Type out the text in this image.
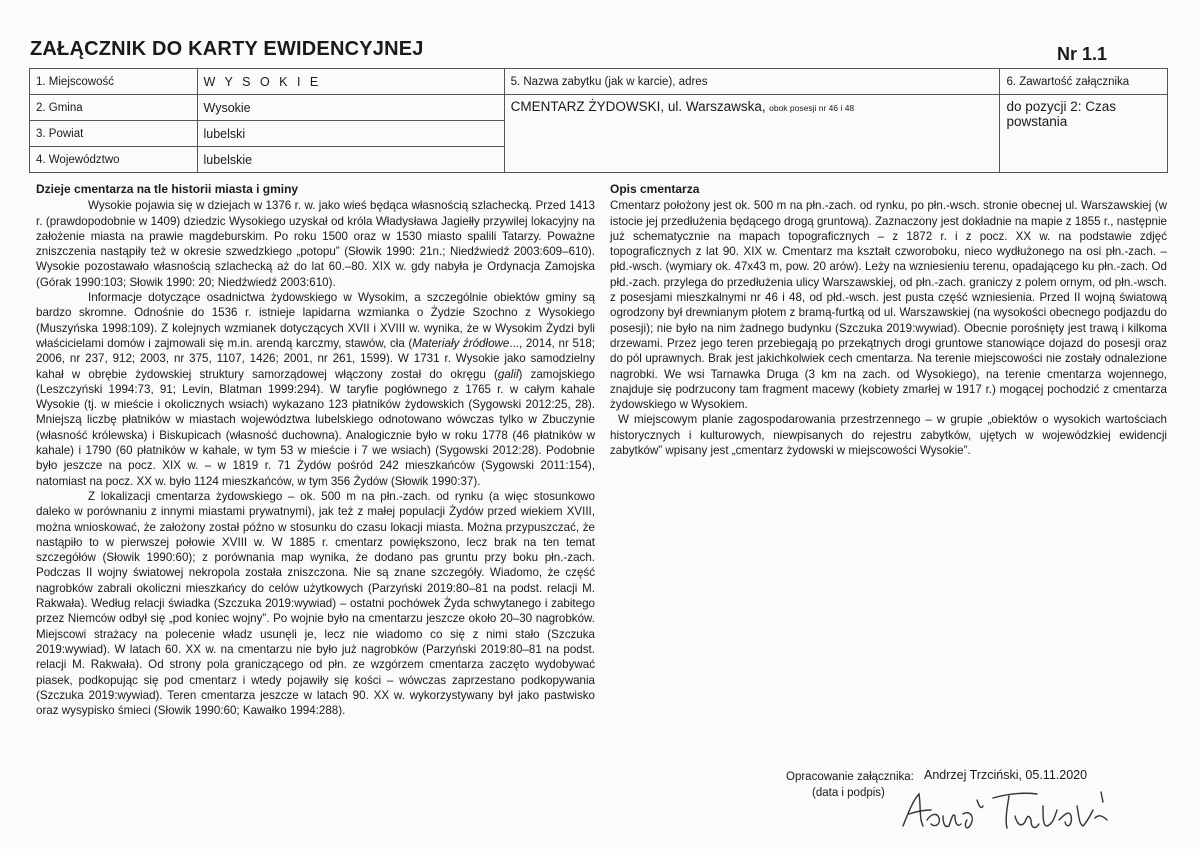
ZAŁĄCZNIK DO KARTY EWIDENCYJNEJ	Nr 1.1
1. Miejscowość	W Y S O K I E	5. Nazwa zabytku (jak w karcie), adres	6. Zawartość załącznika
2. Gmina	Wysokie	CMENTARZ ŻYDOWSKI, ul. Warszawska, obok posesji nr 46 i 48	do pozycji 2: Czas powstania
3. Powiat	lubelski		
4. Województwo	lubelskie		
Dzieje cmentarza na tle historii miasta i gminy

Wysokie pojawia się w dziejach w 1376 r. w. jako wieś będąca własnością szlachecką. Przed 1413 r. (prawdopodobnie w 1409) dziedzic Wysokiego uzyskał od króla Władysława Jagiełły przywilej lokacyjny na założenie miasta na prawie magdeburskim. Po roku 1500 oraz w 1530 miasto spalili Tatarzy. Poważne zniszczenia nastąpiły też w okresie szwedzkiego „potopu” (Słowik 1990: 21n.; Niedźwiedź 2003:609–610). Wysokie pozostawało własnością szlachecką aż do lat 60.–80. XIX w. gdy nabyła je Ordynacja Zamojska (Górak 1990:103; Słowik 1990: 20; Niedźwiedź 2003:610).

Informacje dotyczące osadnictwa żydowskiego w Wysokim, a szczególnie obiektów gminy są bardzo skromne. Odnośnie do 1536 r. istnieje lapidarna wzmianka o Żydzie Szochno z Wysokiego (Muszyńska 1998:109). Z kolejnych wzmianek dotyczących XVII i XVIII w. wynika, że w Wysokim Żydzi byli właścicielami domów i zajmowali się m.in. arendą karczmy, stawów, cła (Materiały źródłowe..., 2014, nr 518; 2006, nr 237, 912; 2003, nr 375, 1107, 1426; 2001, nr 261, 1599). W 1731 r. Wysokie jako samodzielny kahał w obrębie żydowskiej struktury samorządowej włączony został do okręgu (galil) zamojskiego (Leszczyński 1994:73, 91; Levin, Blatman 1999:294). W taryfie pogłównego z 1765 r. w całym kahale Wysokie (tj. w mieście i okolicznych wsiach) wykazano 123 płatników żydowskich (Sygowski 2012:25, 28). Mniejszą liczbę płatników w miastach województwa lubelskiego odnotowano wówczas tylko w Zbuczynie (własność królewska) i Biskupicach (własność duchowna). Analogicznie było w roku 1778 (46 płatników w kahale) i 1790 (60 płatników w kahale, w tym 53 w mieście i 7 we wsiach) (Sygowski 2012:28). Podobnie było jeszcze na pocz. XIX w. – w 1819 r. 71 Żydów pośród 242 mieszkańców (Sygowski 2011:154), natomiast na pocz. XX w. było 1124 mieszkańców, w tym 356 Żydów (Słowik 1990:37).

Z lokalizacji cmentarza żydowskiego – ok. 500 m na płn.-zach. od rynku (a więc stosunkowo daleko w porównaniu z innymi miastami prywatnymi), jak też z małej populacji Żydów przed wiekiem XVIII, można wnioskować, że założony został późno w stosunku do czasu lokacji miasta. Można przypuszczać, że nastąpiło to w pierwszej połowie XVIII w. W 1885 r. cmentarz powiększono, lecz brak na ten temat szczegółów (Słowik 1990:60); z porównania map wynika, że dodano pas gruntu przy boku płn.-zach. Podczas II wojny światowej nekropola została zniszczona. Nie są znane szczegóły. Wiadomo, że część nagrobków zabrali okoliczni mieszkańcy do celów użytkowych (Parzyński 2019:80–81 na podst. relacji M. Rakwała). Według relacji świadka (Szczuka 2019:wywiad) – ostatni pochówek Żyda schwytanego i zabitego przez Niemców odbył się „pod koniec wojny”. Po wojnie było na cmentarzu jeszcze około 20–30 nagrobków. Miejscowi strażacy na polecenie władz usunęli je, lecz nie wiadomo co się z nimi stało (Szczuka 2019:wywiad). W latach 60. XX w. na cmentarzu nie było już nagrobków (Parzyński 2019:80–81 na podst. relacji M. Rakwała). Od strony pola graniczącego od płn. ze wzgórzem cmentarza zaczęto wydobywać piasek, podkopując się pod cmentarz i wtedy pojawiły się kości – wówczas zaprzestano podkopywania (Szczuka 2019:wywiad). Teren cmentarza jeszcze w latach 90. XX w. wykorzystywany był jako pastwisko oraz wysypisko śmieci (Słowik 1990:60; Kawałko 1994:288).

Opis cmentarza

Cmentarz położony jest ok. 500 m na płn.-zach. od rynku, po płn.-wsch. stronie obecnej ul. Warszawskiej (w istocie jej przedłużenia będącego drogą gruntową). Zaznaczony jest dokładnie na mapie z 1855 r., następnie już schematycznie na mapach topograficznych – z 1872 r. i z pocz. XX w. na podstawie zdjęć topograficznych z lat 90. XIX w. Cmentarz ma kształt czworoboku, nieco wydłużonego na osi płn.-zach. – płd.-wsch. (wymiary ok. 47x43 m, pow. 20 arów). Leży na wzniesieniu terenu, opadającego ku płn.-zach. Od płd.-zach. przylega do przedłużenia ulicy Warszawskiej, od płn.-zach. graniczy z polem ornym, od płn.-wsch. z posesjami mieszkalnymi nr 46 i 48, od płd.-wsch. jest pusta część wzniesienia. Przed II wojną światową ogrodzony był drewnianym płotem z bramą-furtką od ul. Warszawskiej (na wysokości obecnego podjazdu do posesji); nie było na nim żadnego budynku (Szczuka 2019:wywiad). Obecnie porośnięty jest trawą i kilkoma drzewami. Przez jego teren przebiegają po przekątnych drogi gruntowe stanowiące dojazd do posesji oraz do pól uprawnych. Brak jest jakichkolwiek cech cmentarza. Na terenie miejscowości nie zostały odnalezione nagrobki. We wsi Tarnawka Druga (3 km na zach. od Wysokiego), na terenie cmentarza wojennego, znajduje się podrzucony tam fragment macewy (kobiety zmarłej w 1917 r.) mogącej pochodzić z cmentarza żydowskiego w Wysokiem.

W miejscowym planie zagospodarowania przestrzennego – w grupie „obiektów o wysokich wartościach historycznych i kulturowych, niewpisanych do rejestru zabytków, ujętych w wojewódzkiej ewidencji zabytków” wpisany jest „cmentarz żydowski w miejscowości Wysokie”.

Opracowanie załącznika: Andrzej Trzciński, 05.11.2020
(data i podpis)
